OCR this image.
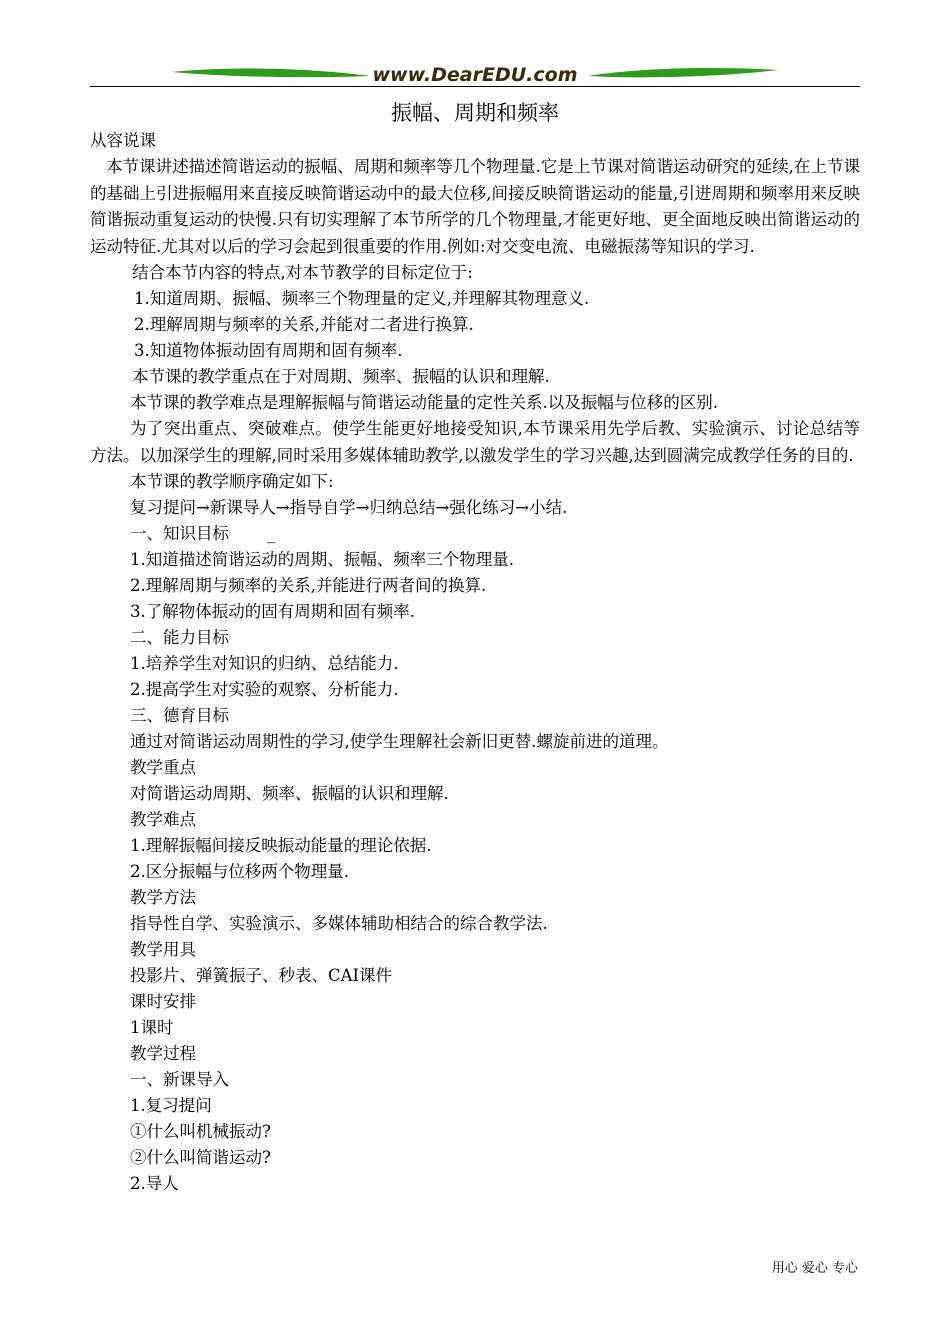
www.DearEDU.com
振幅、周期和频率
从容说课
本节课讲述描述简谐运动的振幅、周期和频率等几个物理量.它是上节课对简谐运动研究的延续,在上节课的基础上引进振幅用来直接反映简谐运动中的最大位移,间接反映简谐运动的能量,引进周期和频率用来反映简谐振动重复运动的快慢.只有切实理解了本节所学的几个物理量,才能更好地、更全面地反映出简谐运动的运动特征.尤其对以后的学习会起到很重要的作用.例如:对交变电流、电磁振荡等知识的学习.
结合本节内容的特点,对本节教学的目标定位于:
1.知道周期、振幅、频率三个物理量的定义,并理解其物理意义.
2.理解周期与频率的关系,并能对二者进行换算.
3.知道物体振动固有周期和固有频率.
本节课的教学重点在于对周期、频率、振幅的认识和理解.
本节课的教学难点是理解振幅与简谐运动能量的定性关系.以及振幅与位移的区别.
为了突出重点、突破难点。使学生能更好地接受知识,本节课采用先学后教、实验演示、讨论总结等方法。以加深学生的理解,同时采用多媒体辅助教学,以激发学生的学习兴趣,达到圆满完成教学任务的目的.
本节课的教学顺序确定如下:
复习提问→新课导人→指导自学→归纳总结→强化练习→小结.
一、知识目标 _
1.知道描述简谐运动的周期、振幅、频率三个物理量.
2.理解周期与频率的关系,并能进行两者间的换算.
3.了解物体振动的固有周期和固有频率.
二、能力目标
1.培养学生对知识的归纳、总结能力.
2.提高学生对实验的观察、分析能力.
三、德育目标
通过对简谐运动周期性的学习,使学生理解社会新旧更替.螺旋前进的道理。
教学重点
对简谐运动周期、频率、振幅的认识和理解.
教学难点
1.理解振幅间接反映振动能量的理论依据.
2.区分振幅与位移两个物理量.
教学方法
指导性自学、实验演示、多媒体辅助相结合的综合教学法.
教学用具
投影片、弹簧振子、秒表、CAI课件
课时安排
1课时
教学过程
一、新课导入
1.复习提问
①什么叫机械振动?
②什么叫简谐运动?
2.导人
用心 爱心 专心
